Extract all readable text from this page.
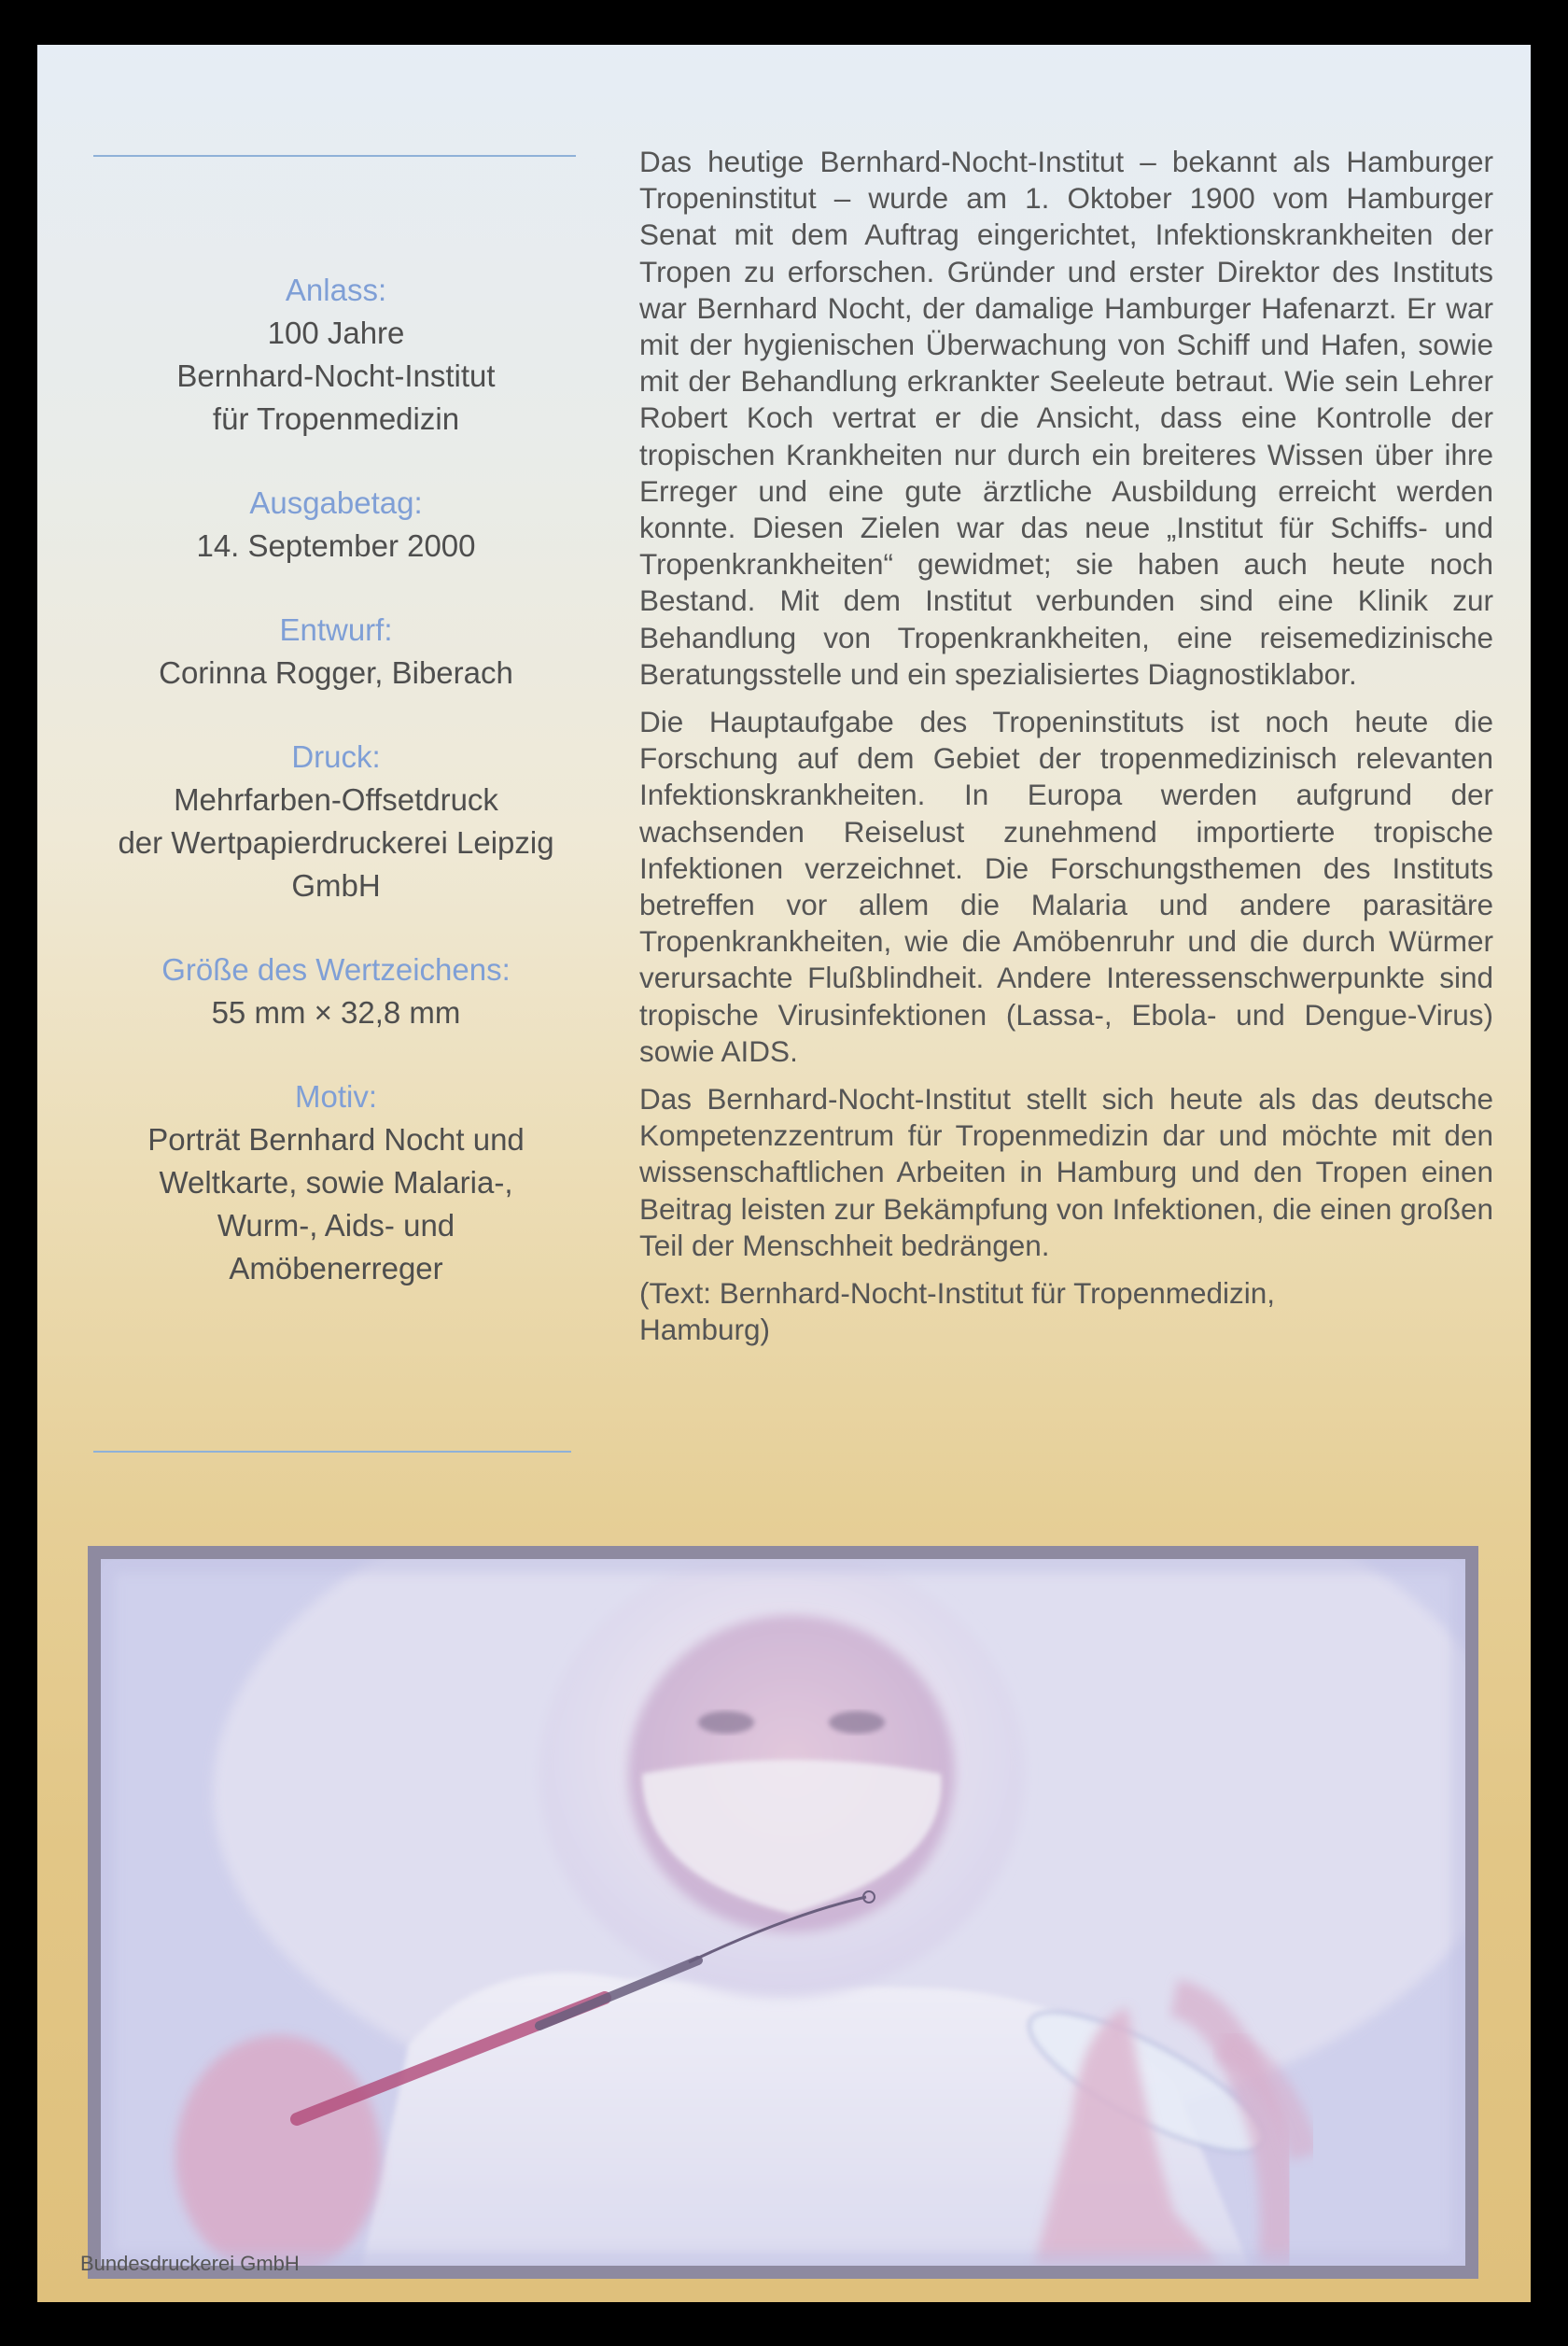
Anlass:
100 Jahre
Bernhard-Nocht-Institut
für Tropenmedizin
Ausgabetag:
14. September 2000
Entwurf:
Corinna Rogger, Biberach
Druck:
Mehrfarben-Offsetdruck
der Wertpapierdruckerei Leipzig
GmbH
Größe des Wertzeichens:
55 mm × 32,8 mm
Motiv:
Porträt Bernhard Nocht und
Weltkarte, sowie Malaria-,
Wurm-, Aids- und
Amöbenerreger

Das heutige Bernhard-Nocht-Institut – bekannt als Hamburger Tropeninstitut – wurde am 1. Oktober 1900 vom Hamburger Senat mit dem Auftrag eingerichtet, Infektionskrankheiten der Tropen zu erforschen. Gründer und erster Direktor des Instituts war Bernhard Nocht, der damalige Hamburger Hafenarzt. Er war mit der hygienischen Überwachung von Schiff und Hafen, sowie mit der Behandlung erkrankter Seeleute betraut. Wie sein Lehrer Robert Koch vertrat er die Ansicht, dass eine Kontrolle der tropischen Krankheiten nur durch ein breiteres Wissen über ihre Erreger und eine gute ärztliche Ausbildung erreicht werden konnte. Diesen Zielen war das neue „Institut für Schiffs- und Tropenkrankheiten“ gewidmet; sie haben auch heute noch Bestand. Mit dem Institut verbunden sind eine Klinik zur Behandlung von Tropenkrankheiten, eine reisemedizinische Beratungsstelle und ein spezialisiertes Diagnostiklabor.

Die Hauptaufgabe des Tropeninstituts ist noch heute die Forschung auf dem Gebiet der tropenmedizinisch relevanten Infektionskrankheiten. In Europa werden aufgrund der wachsenden Reiselust zunehmend importierte tropische Infektionen verzeichnet. Die Forschungsthemen des Instituts betreffen vor allem die Malaria und andere parasitäre Tropenkrankheiten, wie die Amöbenruhr und die durch Würmer verursachte Flußblindheit. Andere Interessenschwerpunkte sind tropische Virusinfektionen (Lassa-, Ebola- und Dengue-Virus) sowie AIDS.

Das Bernhard-Nocht-Institut stellt sich heute als das deutsche Kompetenzzentrum für Tropenmedizin dar und möchte mit den wissenschaftlichen Arbeiten in Hamburg und den Tropen einen Beitrag leisten zur Bekämpfung von Infektionen, die einen großen Teil der Menschheit bedrängen.

(Text: Bernhard-Nocht-Institut für Tropenmedizin,
Hamburg)

Bundesdruckerei GmbH
